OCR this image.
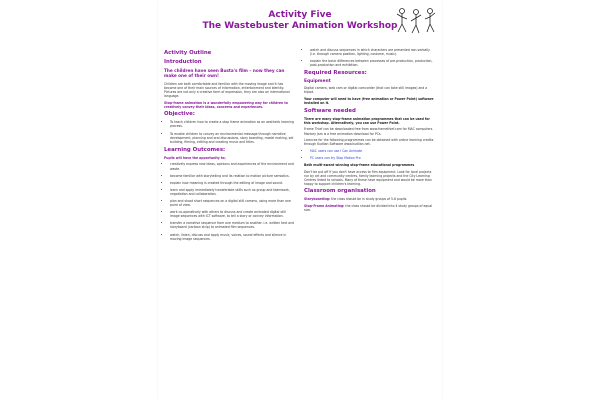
Activity Five
The Wastebuster Animation Workshop
Activity Outline
Introduction
The children have seen Busta's film – now they can make one of their own!

Children are both comfortable and familiar with the moving image and it has become one of their main sources of information, entertainment and identity. Pictures are not only a creative form of expression, they are also an international language.

Stop-frame animation is a wonderfully empowering way for children to creatively convey their ideas, concerns and experiences.

Objective:
• To teach children how to create a stop frame animation as an aesthetic learning process.
• To enable children to convey an environmental message through narrative development, planning and oral discussions, story boarding, model making, set building, filming, editing and creating music and titles.
Learning Outcomes:

Pupils will have the opportunity to;

• creatively express new ideas, opinions and experiences of the environment and waste.
• become familiar with storytelling and its relation to motion picture semiotics.
• explain how meaning is created through the editing of image and sound.
• learn and apply immediately transferable skills such as group and teamwork, negotiation and collaboration.
• plan and shoot short sequences on a digital still camera, using more than one point of view.
• work co-operatively with others to discuss and create animated digital still image sequences with ICT software, to tell a story or convey information.
• transfer a narrative sequence from one medium to another. i.e. written text and storyboard (cartoon strip) to animated film sequences.
• watch, listen, discuss and apply music, voices, sound effects and silence in moving image sequences.
• watch and discuss sequences in which characters are presented non-verbally (i.e. through camera position, lighting, costume, music).
• explain the basic differences between processes of pre-production, production, post-production and exhibition.
Required Resources:
Equipment

Digital camera, web cam or digital camcorder (that can take still images) and a tripod.

Your computer will need to have (free animation or Power Point) software installed on it.

Software needed

There are many stop-frame animation programmes that can be used for this workshop. Alternatively, you can use Power Point.

Frame Thief can be downloaded free from www.framethief.com for MAC computers. Monkey Jam is a free animation download for PCs.

Licences for the following programmes can be obtained with online learning credits through Kudlian Software www.kudlian.net.

• MAC users can use I Can Animate
• PC users can try Stop Motion Pro

Both multi-award winning stop-frame educational programmes

Don't be put off if you don't have access to film equipment. Look for local projects run by art and community centres, family learning projects and the City Learning Centres linked to schools. Many of these have equipment and would be more than happy to support children's learning.

Classroom organisation

Storyboarding: the class should be in study groups of 5-6 pupils.

Stop-Frame Animating: the class should be divided into 4 study groups of equal size.
